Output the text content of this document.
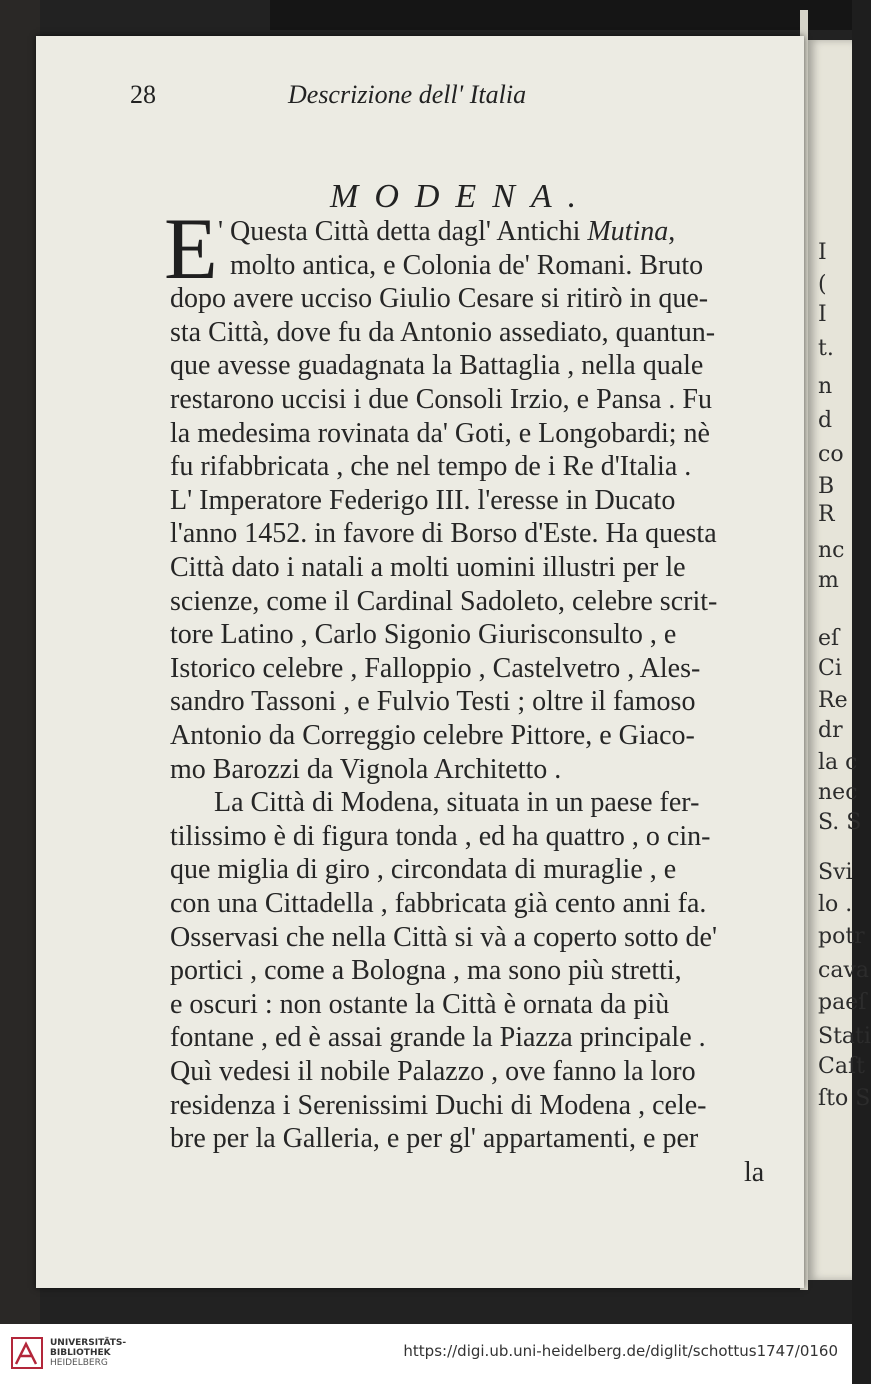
I
(
I
t.
n
d
co
B
R
nc
m
eſ
Ci
Re
dr
la c
nec
S. S
Svi
lo .
potr
cava
paeſ
Stati
Caſt
ſto S
28	Descrizione dell' Italia
MODENA.
E ' Questa Città detta dagl' Antichi Mutina,
molto antica, e Colonia de' Romani. Bruto
dopo avere ucciso Giulio Cesare si ritirò in que-
sta Città, dove fu da Antonio assediato, quantun-
que avesse guadagnata la Battaglia , nella quale
restarono uccisi i due Consoli Irzio, e Pansa . Fu
la medesima rovinata da' Goti, e Longobardi; nè
fu rifabbricata , che nel tempo de i Re d'Italia .
L' Imperatore Federigo III. l'eresse in Ducato
l'anno 1452. in favore di Borso d'Este. Ha questa
Città dato i natali a molti uomini illustri per le
scienze, come il Cardinal Sadoleto, celebre scrit-
tore Latino , Carlo Sigonio Giurisconsulto , e
Istorico celebre , Falloppio , Castelvetro , Ales-
sandro Tassoni , e Fulvio Testi ; oltre il famoso
Antonio da Correggio celebre Pittore, e Giaco-
mo Barozzi da Vignola Architetto .
La Città di Modena, situata in un paese fer-
tilissimo è di figura tonda , ed ha quattro , o cin-
que miglia di giro , circondata di muraglie , e
con una Cittadella , fabbricata già cento anni fa.
Osservasi che nella Città si và a coperto sotto de'
portici , come a Bologna , ma sono più stretti,
e oscuri : non ostante la Città è ornata da più
fontane , ed è assai grande la Piazza principale .
Quì vedesi il nobile Palazzo , ove fanno la loro
residenza i Serenissimi Duchi di Modena , cele-
bre per la Galleria, e per gl' appartamenti, e per
la
UNIVERSITÄTS-
BIBLIOTHEK
HEIDELBERG
https://digi.ub.uni-heidelberg.de/diglit/schottus1747/0160
